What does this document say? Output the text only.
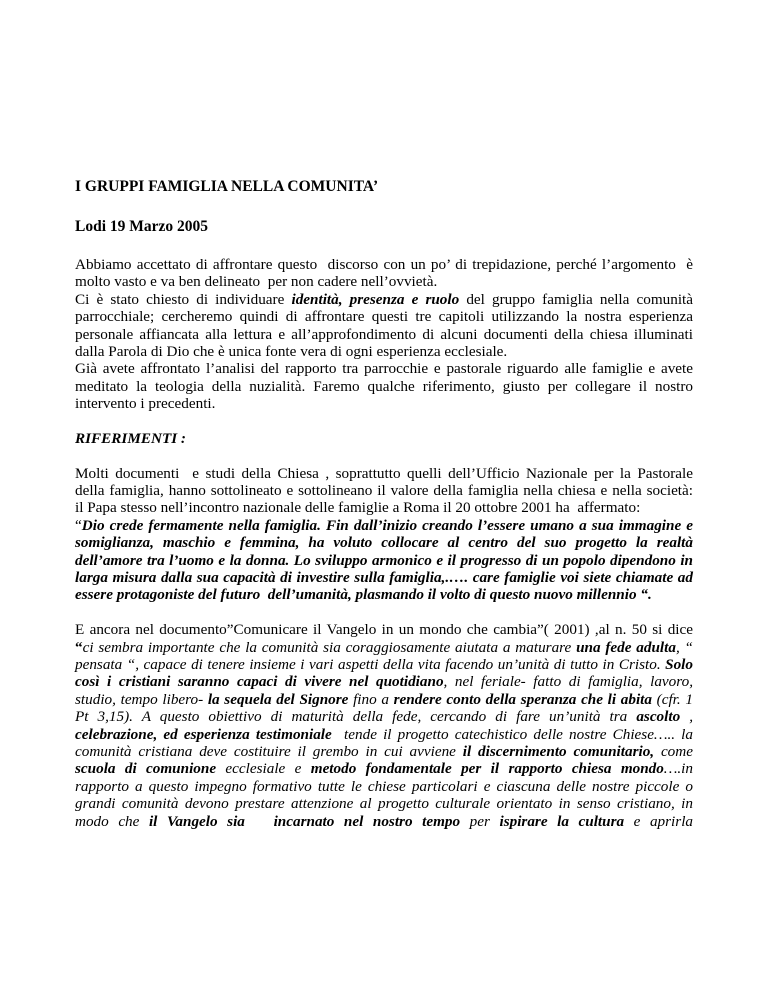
I GRUPPI FAMIGLIA NELLA COMUNITA’
Lodi 19 Marzo 2005
Abbiamo accettato di affrontare questo  discorso con un po’ di trepidazione, perché l’argomento  è
molto vasto e va ben delineato  per non cadere nell’ovvietà.
Ci è stato chiesto di individuare identità, presenza e ruolo del gruppo famiglia nella comunità
parrocchiale; cercheremo quindi di affrontare questi tre capitoli utilizzando la nostra esperienza
personale affiancata alla lettura e all’approfondimento di alcuni documenti della chiesa illuminati
dalla Parola di Dio che è unica fonte vera di ogni esperienza ecclesiale.
Già avete affrontato l’analisi del rapporto tra parrocchie e pastorale riguardo alle famiglie e avete
meditato la teologia della nuzialità. Faremo qualche riferimento, giusto per collegare il nostro
intervento i precedenti.
RIFERIMENTI :
Molti documenti  e studi della Chiesa , soprattutto quelli dell’Ufficio Nazionale per la Pastorale
della famiglia, hanno sottolineato e sottolineano il valore della famiglia nella chiesa e nella società:
il Papa stesso nell’incontro nazionale delle famiglie a Roma il 20 ottobre 2001 ha  affermato:
“Dio crede fermamente nella famiglia. Fin dall’inizio creando l’essere umano a sua immagine e
somiglianza, maschio e femmina, ha voluto collocare al centro del suo progetto la realtà
dell’amore tra l’uomo e la donna. Lo sviluppo armonico e il progresso di un popolo dipendono in
larga misura dalla sua capacità di investire sulla famiglia,.…. care famiglie voi siete chiamate ad
essere protagoniste del futuro  dell’umanità, plasmando il volto di questo nuovo millennio “.
E ancora nel documento”Comunicare il Vangelo in un mondo che cambia”( 2001) ,al n. 50 si dice
“ci sembra importante che la comunità sia coraggiosamente aiutata a maturare una fede adulta, “
pensata “, capace di tenere insieme i vari aspetti della vita facendo un’unità di tutto in Cristo. Solo
così i cristiani saranno capaci di vivere nel quotidiano, nel feriale- fatto di famiglia, lavoro,
studio, tempo libero- la sequela del Signore fino a rendere conto della speranza che li abita (cfr. 1
Pt 3,15). A questo obiettivo di maturità della fede, cercando di fare un’unità tra ascolto ,
celebrazione, ed esperienza testimoniale  tende il progetto catechistico delle nostre Chiese….. la
comunità cristiana deve costituire il grembo in cui avviene il discernimento comunitario, come
scuola di comunione ecclesiale e metodo fondamentale per il rapporto chiesa mondo….in
rapporto a questo impegno formativo tutte le chiese particolari e ciascuna delle nostre piccole o
grandi comunità devono prestare attenzione al progetto culturale orientato in senso cristiano, in
modo che il Vangelo sia   incarnato nel nostro tempo per ispirare la cultura e aprirla
